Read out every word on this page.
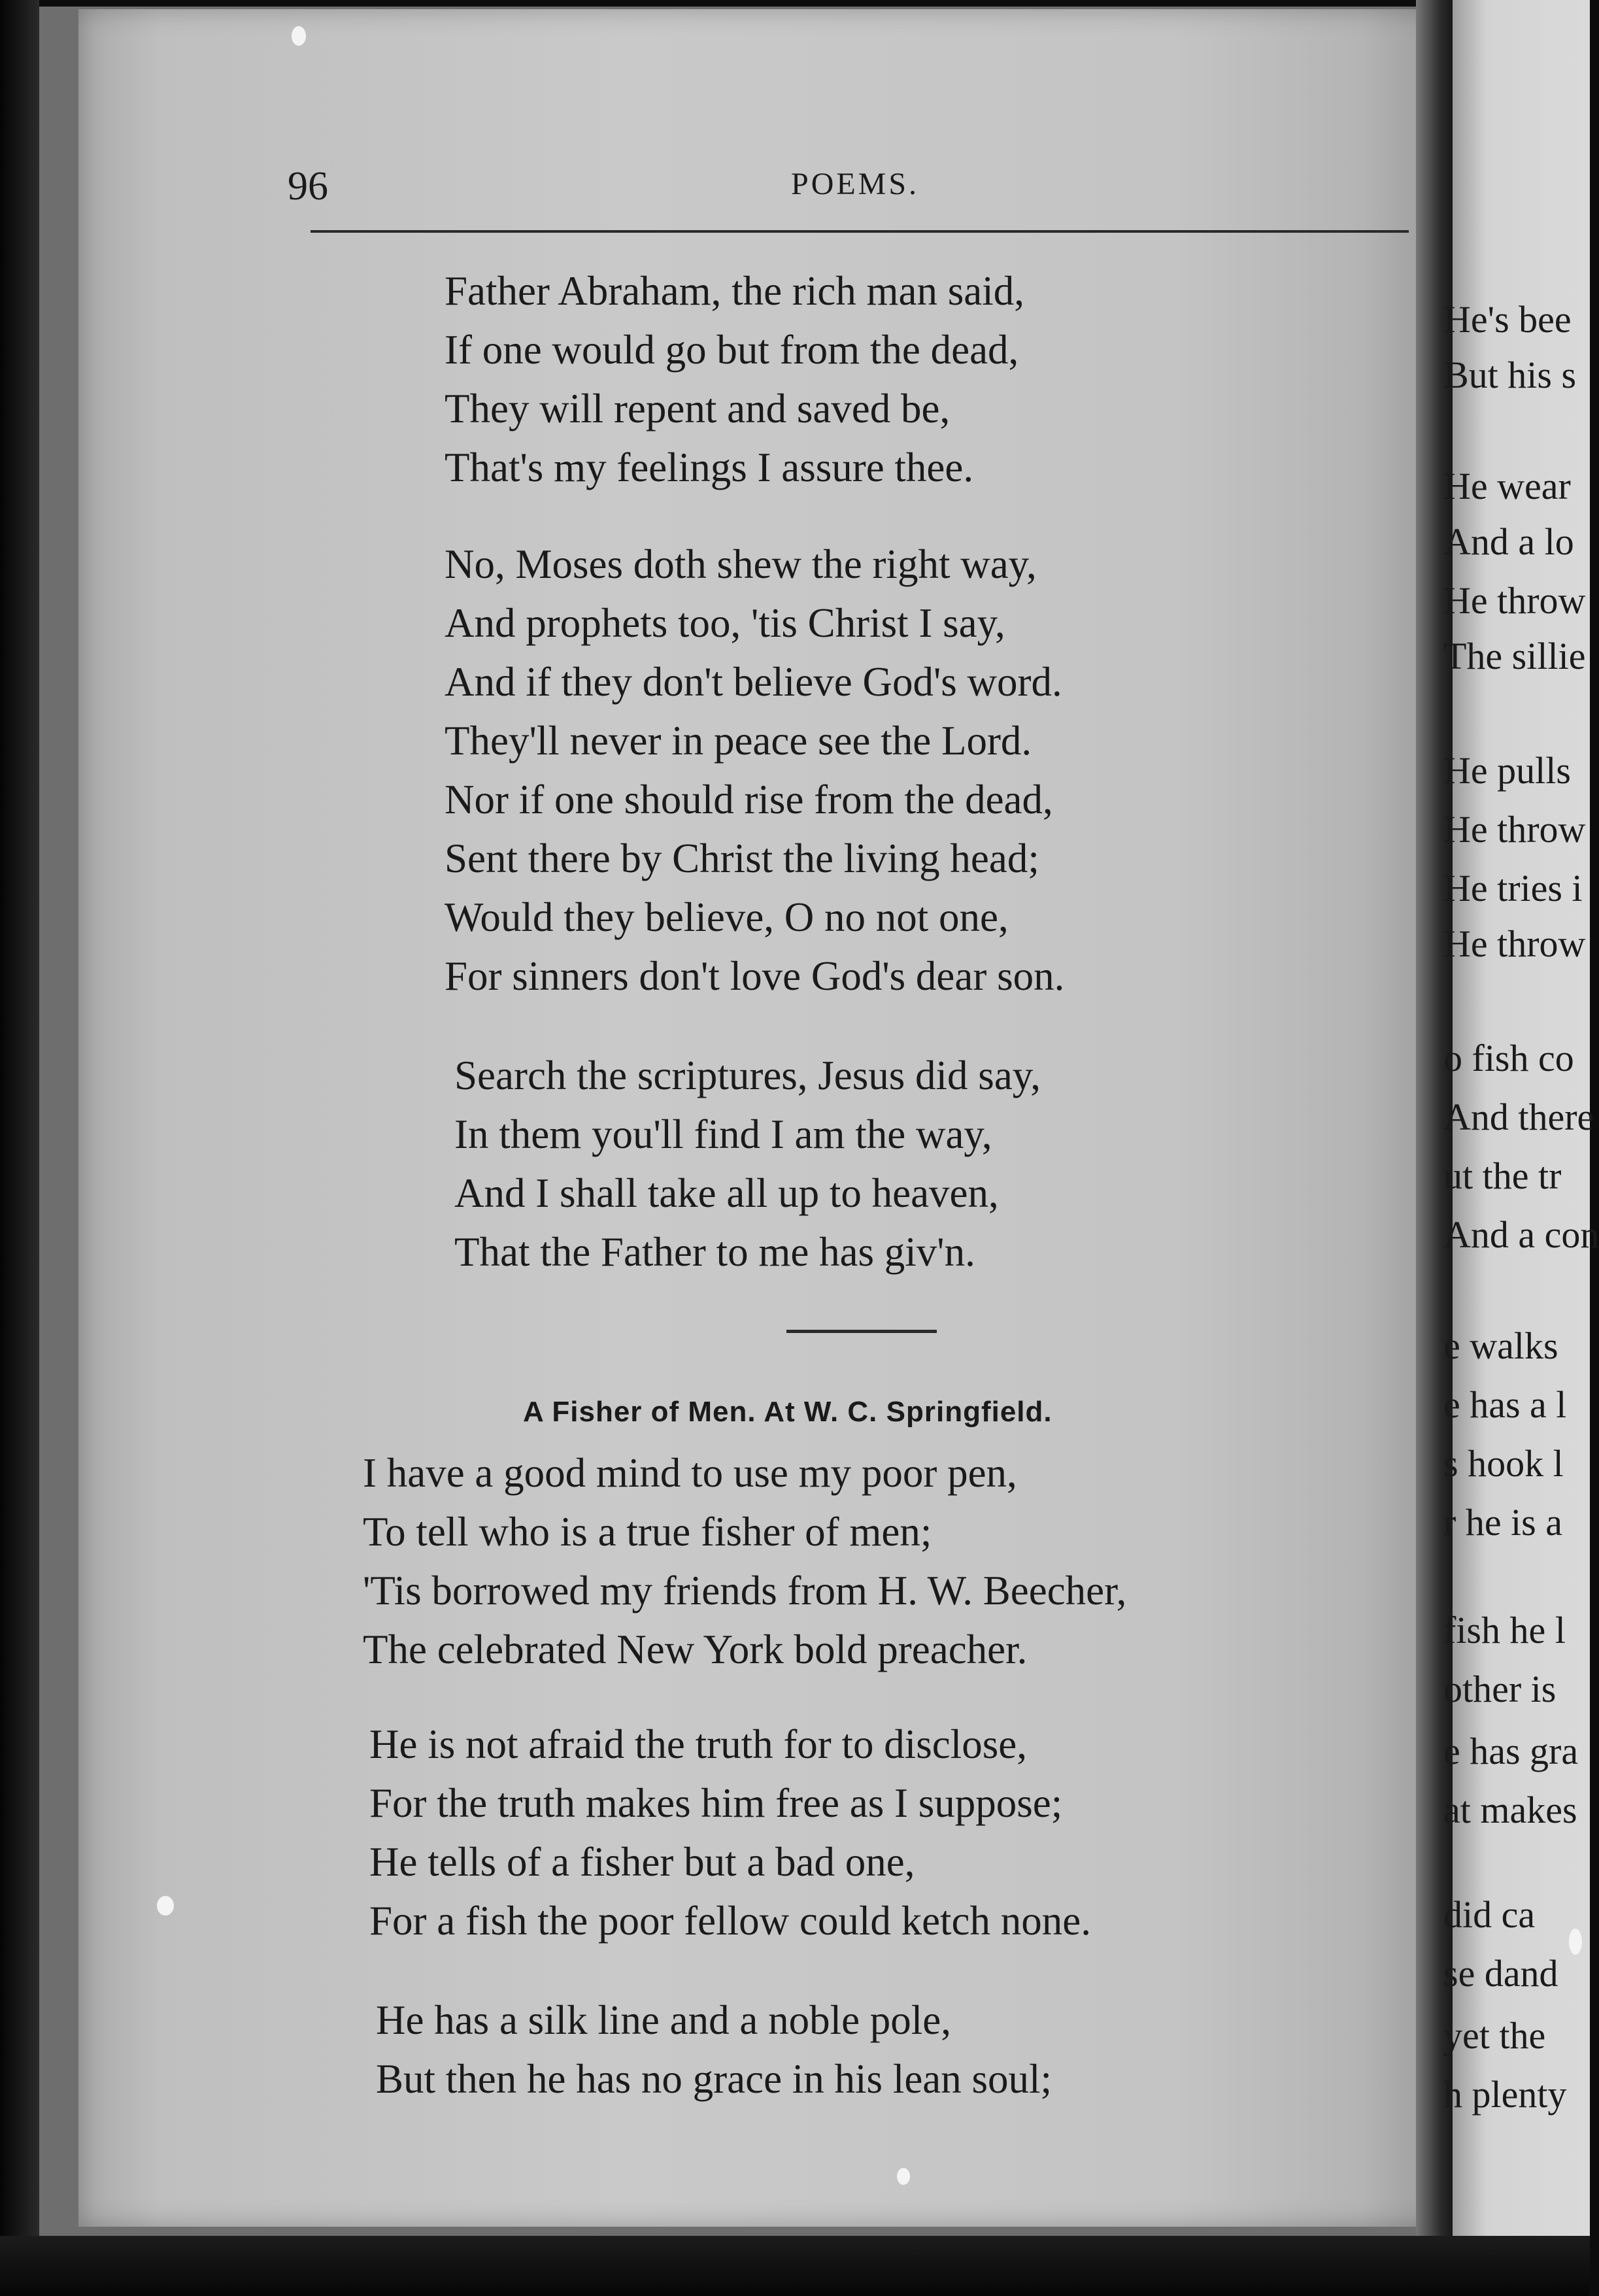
He's bee
But his s
He wear
And a lo
He throw
The sillie
He pulls
He throw
He tries i
He throw
o fish co
And there
ut the tr
And a con
e walks
e has a l
s hook l
r he is a
fish he l
other is
e has gra
at makes
did ca
se dand
yet the
h plenty
96	POEMS.
Father Abraham, the rich man said,
If one would go but from the dead,
They will repent and saved be,
That's my feelings I assure thee.
No, Moses doth shew the right way,
And prophets too, 'tis Christ I say,
And if they don't believe God's word.
They'll never in peace see the Lord.
Nor if one should rise from the dead,
Sent there by Christ the living head;
Would they believe, O no not one,
For sinners don't love God's dear son.
Search the scriptures, Jesus did say,
In them you'll find I am the way,
And I shall take all up to heaven,
That the Father to me has giv'n.
A Fisher of Men. At W. C. Springfield.
I have a good mind to use my poor pen,
To tell who is a true fisher of men;
'Tis borrowed my friends from H. W. Beecher,
The celebrated New York bold preacher.
He is not afraid the truth for to disclose,
For the truth makes him free as I suppose;
He tells of a fisher but a bad one,
For a fish the poor fellow could ketch none.
He has a silk line and a noble pole,
But then he has no grace in his lean soul;
